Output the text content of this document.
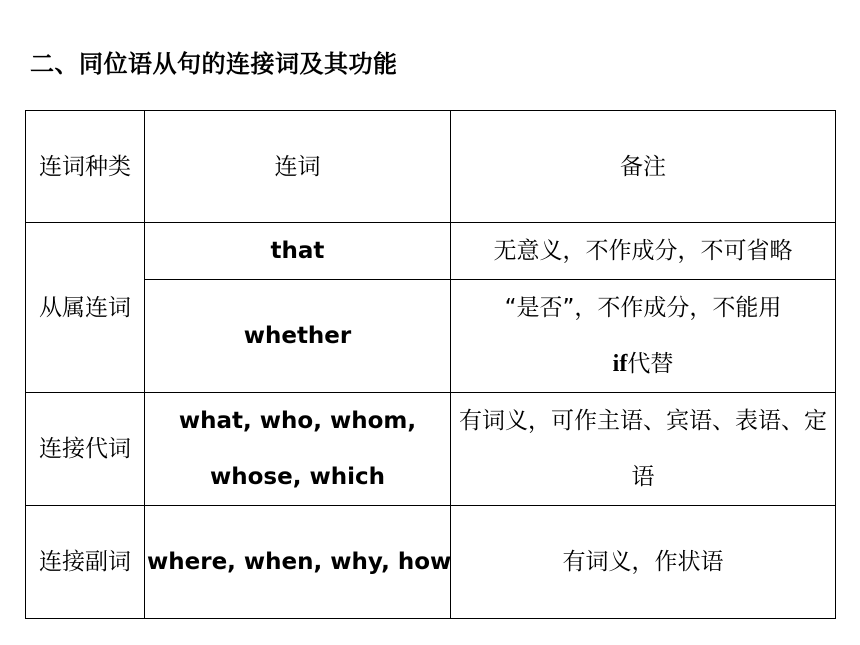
二、同位语从句的连接词及其功能
连词种类	连词	备注
从属连词	that	无意义，不作成分，不可省略
	whether	“是否”，不作成分，不能用
if代替
连接代词	what, who, whom, whose, which	有词义，可作主语、宾语、表语、定语
连接副词	where, when, why, how	有词义，作状语
